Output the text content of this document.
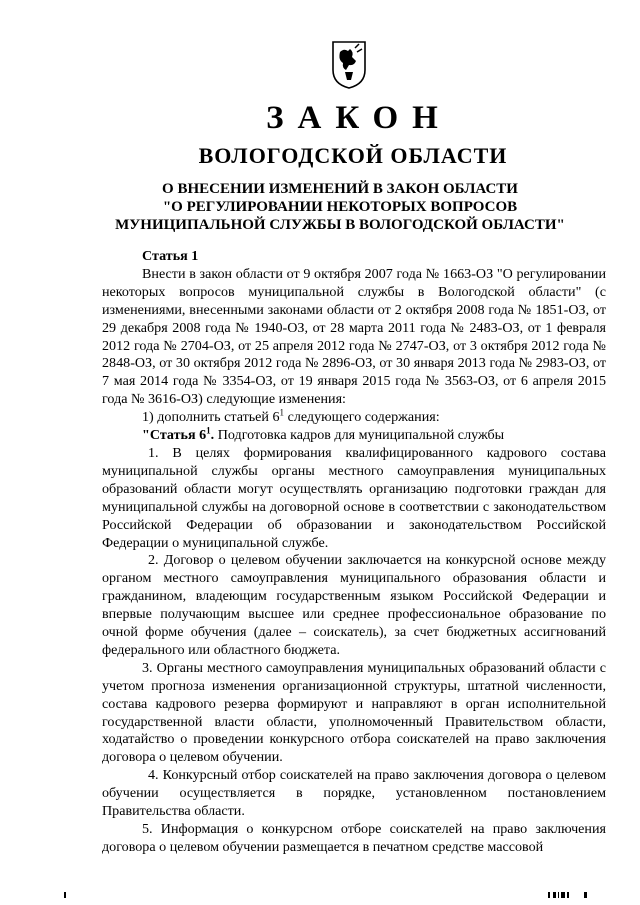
ЗАКОН
ВОЛОГОДСКОЙ ОБЛАСТИ
О ВНЕСЕНИИ ИЗМЕНЕНИЙ В ЗАКОН ОБЛАСТИ
"О РЕГУЛИРОВАНИИ НЕКОТОРЫХ ВОПРОСОВ
МУНИЦИПАЛЬНОЙ СЛУЖБЫ В ВОЛОГОДСКОЙ ОБЛАСТИ"

Статья 1

Внести в закон области от 9 октября 2007 года № 1663-ОЗ "О регулировании некоторых вопросов муниципальной службы в Вологодской области" (с изменениями, внесенными законами области от 2 октября 2008 года № 1851-ОЗ, от 29 декабря 2008 года № 1940-ОЗ, от 28 марта 2011 года № 2483-ОЗ, от 1 февраля 2012 года № 2704-ОЗ, от 25 апреля 2012 года № 2747-ОЗ, от 3 октября 2012 года № 2848-ОЗ, от 30 октября 2012 года № 2896-ОЗ, от 30 января 2013 года № 2983-ОЗ, от 7 мая 2014 года № 3354-ОЗ, от 19 января 2015 года № 3563-ОЗ, от 6 апреля 2015 года № 3616-ОЗ) следующие изменения:

1) дополнить статьей $6^1$ следующего содержания:

"Статья $6^1$. Подготовка кадров для муниципальной службы

1. В целях формирования квалифицированного кадрового состава муниципальной службы органы местного самоуправления муниципальных образований области могут осуществлять организацию подготовки граждан для муниципальной службы на договорной основе в соответствии с законодательством Российской Федерации об образовании и законодательством Российской Федерации о муниципальной службе.

2. Договор о целевом обучении заключается на конкурсной основе между органом местного самоуправления муниципального образования области и гражданином, владеющим государственным языком Российской Федерации и впервые получающим высшее или среднее профессиональное образование по очной форме обучения (далее – соискатель), за счет бюджетных ассигнований федерального или областного бюджета.

3. Органы местного самоуправления муниципальных образований области с учетом прогноза изменения организационной структуры, штатной численности, состава кадрового резерва формируют и направляют в орган исполнительной государственной власти области, уполномоченный Правительством области, ходатайство о проведении конкурсного отбора соискателей на право заключения договора о целевом обучении.

4. Конкурсный отбор соискателей на право заключения договора о целевом обучении осуществляется в порядке, установленном постановлением Правительства области.

5. Информация о конкурсном отборе соискателей на право заключения договора о целевом обучении размещается в печатном средстве массовой
